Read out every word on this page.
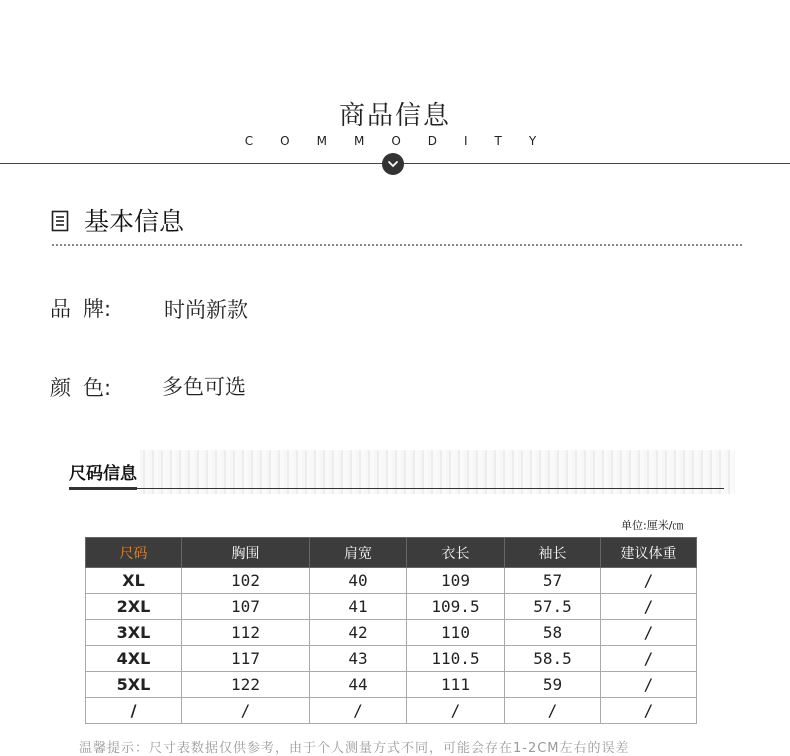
商品信息
COMMODITY
基本信息
品 牌:	时尚新款
颜 色: 多色可选
尺码信息
单位:厘米/㎝
尺码	胸围	肩宽	衣长	袖长	建议体重
XL	102	40	109	57	/
2XL	107	41	109.5	57.5	/
3XL	112	42	110	58	/
4XL	117	43	110.5	58.5	/
5XL	122	44	111	59	/
/	/	/	/	/	/
温馨提示：尺寸表数据仅供参考，由于个人测量方式不同，可能会存在1-2CM左右的误差
